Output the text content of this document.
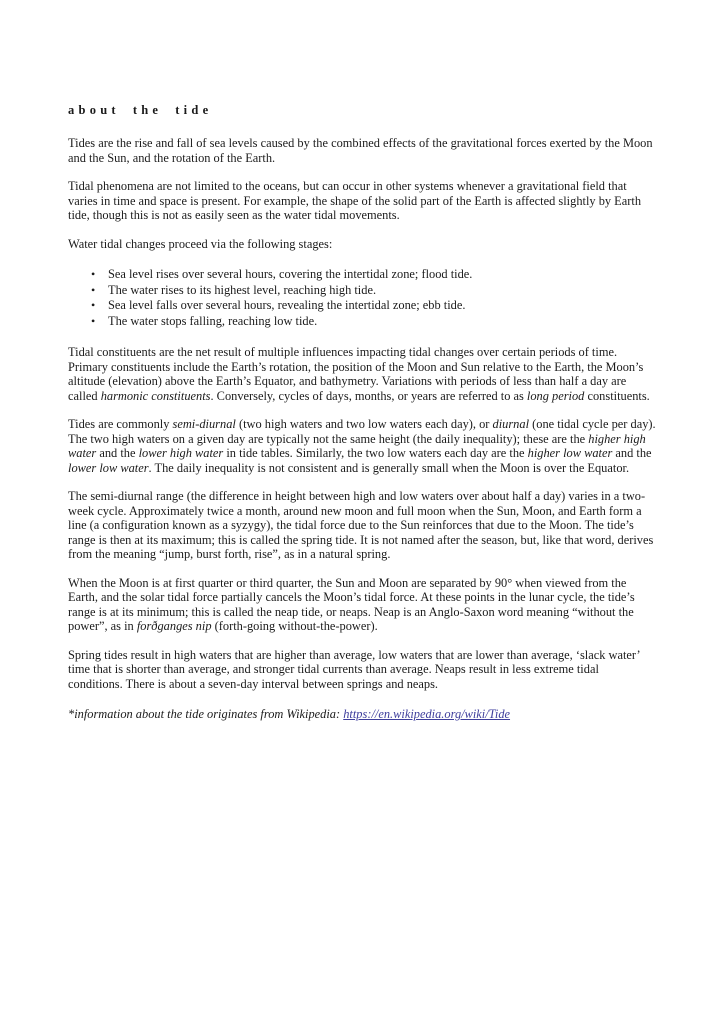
about the tide

Tides are the rise and fall of sea levels caused by the combined effects of the gravitational forces exerted by the Moon and the Sun, and the rotation of the Earth.

Tidal phenomena are not limited to the oceans, but can occur in other systems whenever a gravitational field that varies in time and space is present. For example, the shape of the solid part of the Earth is affected slightly by Earth tide, though this is not as easily seen as the water tidal movements.

Water tidal changes proceed via the following stages:

• Sea level rises over several hours, covering the intertidal zone; flood tide.
• The water rises to its highest level, reaching high tide.
• Sea level falls over several hours, revealing the intertidal zone; ebb tide.
• The water stops falling, reaching low tide.

Tidal constituents are the net result of multiple influences impacting tidal changes over certain periods of time. Primary constituents include the Earth’s rotation, the position of the Moon and Sun relative to the Earth, the Moon’s altitude (elevation) above the Earth’s Equator, and bathymetry. Variations with periods of less than half a day are called harmonic constituents. Conversely, cycles of days, months, or years are referred to as long period constituents.

Tides are commonly semi-diurnal (two high waters and two low waters each day), or diurnal (one tidal cycle per day). The two high waters on a given day are typically not the same height (the daily inequality); these are the higher high water and the lower high water in tide tables. Similarly, the two low waters each day are the higher low water and the lower low water. The daily inequality is not consistent and is generally small when the Moon is over the Equator.

The semi-diurnal range (the difference in height between high and low waters over about half a day) varies in a two-week cycle. Approximately twice a month, around new moon and full moon when the Sun, Moon, and Earth form a line (a configuration known as a syzygy), the tidal force due to the Sun reinforces that due to the Moon. The tide’s range is then at its maximum; this is called the spring tide. It is not named after the season, but, like that word, derives from the meaning “jump, burst forth, rise”, as in a natural spring.

When the Moon is at first quarter or third quarter, the Sun and Moon are separated by 90° when viewed from the Earth, and the solar tidal force partially cancels the Moon’s tidal force. At these points in the lunar cycle, the tide’s range is at its minimum; this is called the neap tide, or neaps. Neap is an Anglo-Saxon word meaning “without the power”, as in forðganges nip (forth-going without-the-power).

Spring tides result in high waters that are higher than average, low waters that are lower than average, ‘slack water’ time that is shorter than average, and stronger tidal currents than average. Neaps result in less extreme tidal conditions. There is about a seven-day interval between springs and neaps.

*information about the tide originates from Wikipedia: https://en.wikipedia.org/wiki/Tide
